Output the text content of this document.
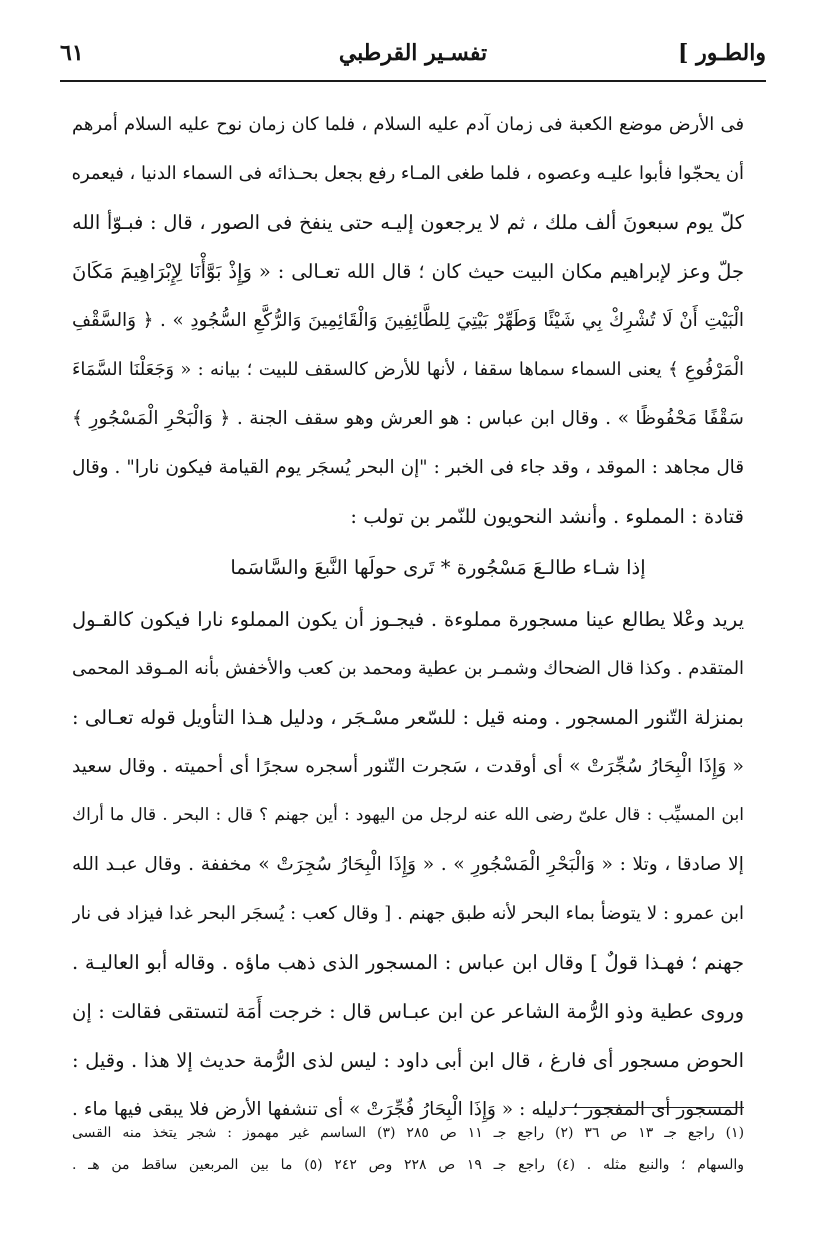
والطـور ]
تفسـير القرطبي
٦١
فى الأرض موضع الكعبة فى زمان آدم عليه السلام ، فلما كان زمان نوح عليه السلام أمرهم
أن يحجّوا فأبوا عليـه وعصوه ، فلما طغى المـاء رفع بجعل بحـذائه فى السماء الدنيا ، فيعمره
كلّ يوم سبعونَ ألف ملك ، ثم لا يرجعون إليـه حتى ينفخ فى الصور ، قال : فبـوّأ الله
جلّ وعز لإبراهيم مكان البيت حيث كان ؛ قال الله تعـالى : « وَإِذْ بَوَّأْنَا لِإِبْرَاهِيمَ مَكَانَ
الْبَيْتِ أَنْ لَا تُشْرِكْ بِي شَيْئًا وَطَهِّرْ بَيْتِيَ لِلطَّائِفِينَ وَالْقَائِمِينَ وَالرُّكَّعِ السُّجُودِ » . ﴿ وَالسَّقْفِ
الْمَرْفُوعِ ﴾ يعنى السماء سماها سقفا ، لأنها للأرض كالسقف للبيت ؛ بيانه : « وَجَعَلْنَا السَّمَاءَ
سَقْفًا مَحْفُوظًا » . وقال ابن عباس : هو العرش وهو سقف الجنة . ﴿ وَالْبَحْرِ الْمَسْجُورِ ﴾
قال مجاهد : الموقد ، وقد جاء فى الخبر : "إن البحر يُسجَر يوم القيامة فيكون نارا" . وقال
قتادة : المملوء . وأنشد النحويون للنّمر بن تولب :
إذا شـاء طالـعَ مَسْجُورة * تَرى حولَها النَّبعَ والسَّاسَما
يريد وعْلا يطالع عينا مسجورة مملوءة . فيجـوز أن يكون المملوء نارا فيكون كالقـول
المتقدم . وكذا قال الضحاك وشمـر بن عطية ومحمد بن كعب والأخفش بأنه المـوقد المحمى
بمنزلة التّنور المسجور . ومنه قيل : للسّعر مسْـجَر ، ودليل هـذا التأويل قوله تعـالى :
« وَإِذَا الْبِحَارُ سُجِّرَتْ » أى أوقدت ، سَجرت التّنور أسجره سجرًا أى أحميته . وقال سعيد
ابن المسيِّب : قال علىّ رضى الله عنه لرجل من اليهود : أين جهنم ؟ قال : البحر . قال ما أراك
إلا صادقا ، وتلا : « وَالْبَحْرِ الْمَسْجُورِ » . « وَإِذَا الْبِحَارُ سُجِرَتْ » مخففة . وقال عبـد الله
ابن عمرو : لا يتوضأ بماء البحر لأنه طبق جهنم . [ وقال كعب : يُسجَر البحر غدا فيزاد فى نار
جهنم ؛ فهـذا قولٌ ] وقال ابن عباس : المسجور الذى ذهب ماؤه . وقاله أبو العاليـة .
وروى عطية وذو الرُّمة الشاعر عن ابن عبـاس قال : خرجت أَمَة لتستقى فقالت : إن
الحوض مسجور أى فارغ ، قال ابن أبى داود : ليس لذى الرُّمة حديث إلا هذا . وقيل :
المسجور أى المفجور ؛ دليله : « وَإِذَا الْبِحَارُ فُجِّرَتْ » أى تنشفها الأرض فلا يبقى فيها ماء .
(١) راجع جـ ١٣ ص ٣٦ (٢) راجع جـ ١١ ص ٢٨٥ (٣) الساسم غير مهموز : شجر يتخذ منه القسى
والسهام ؛ والنبع مثله . (٤) راجع جـ ١٩ ص ٢٢٨ وص ٢٤٢ (٥) ما بين المربعين ساقط من هـ .
